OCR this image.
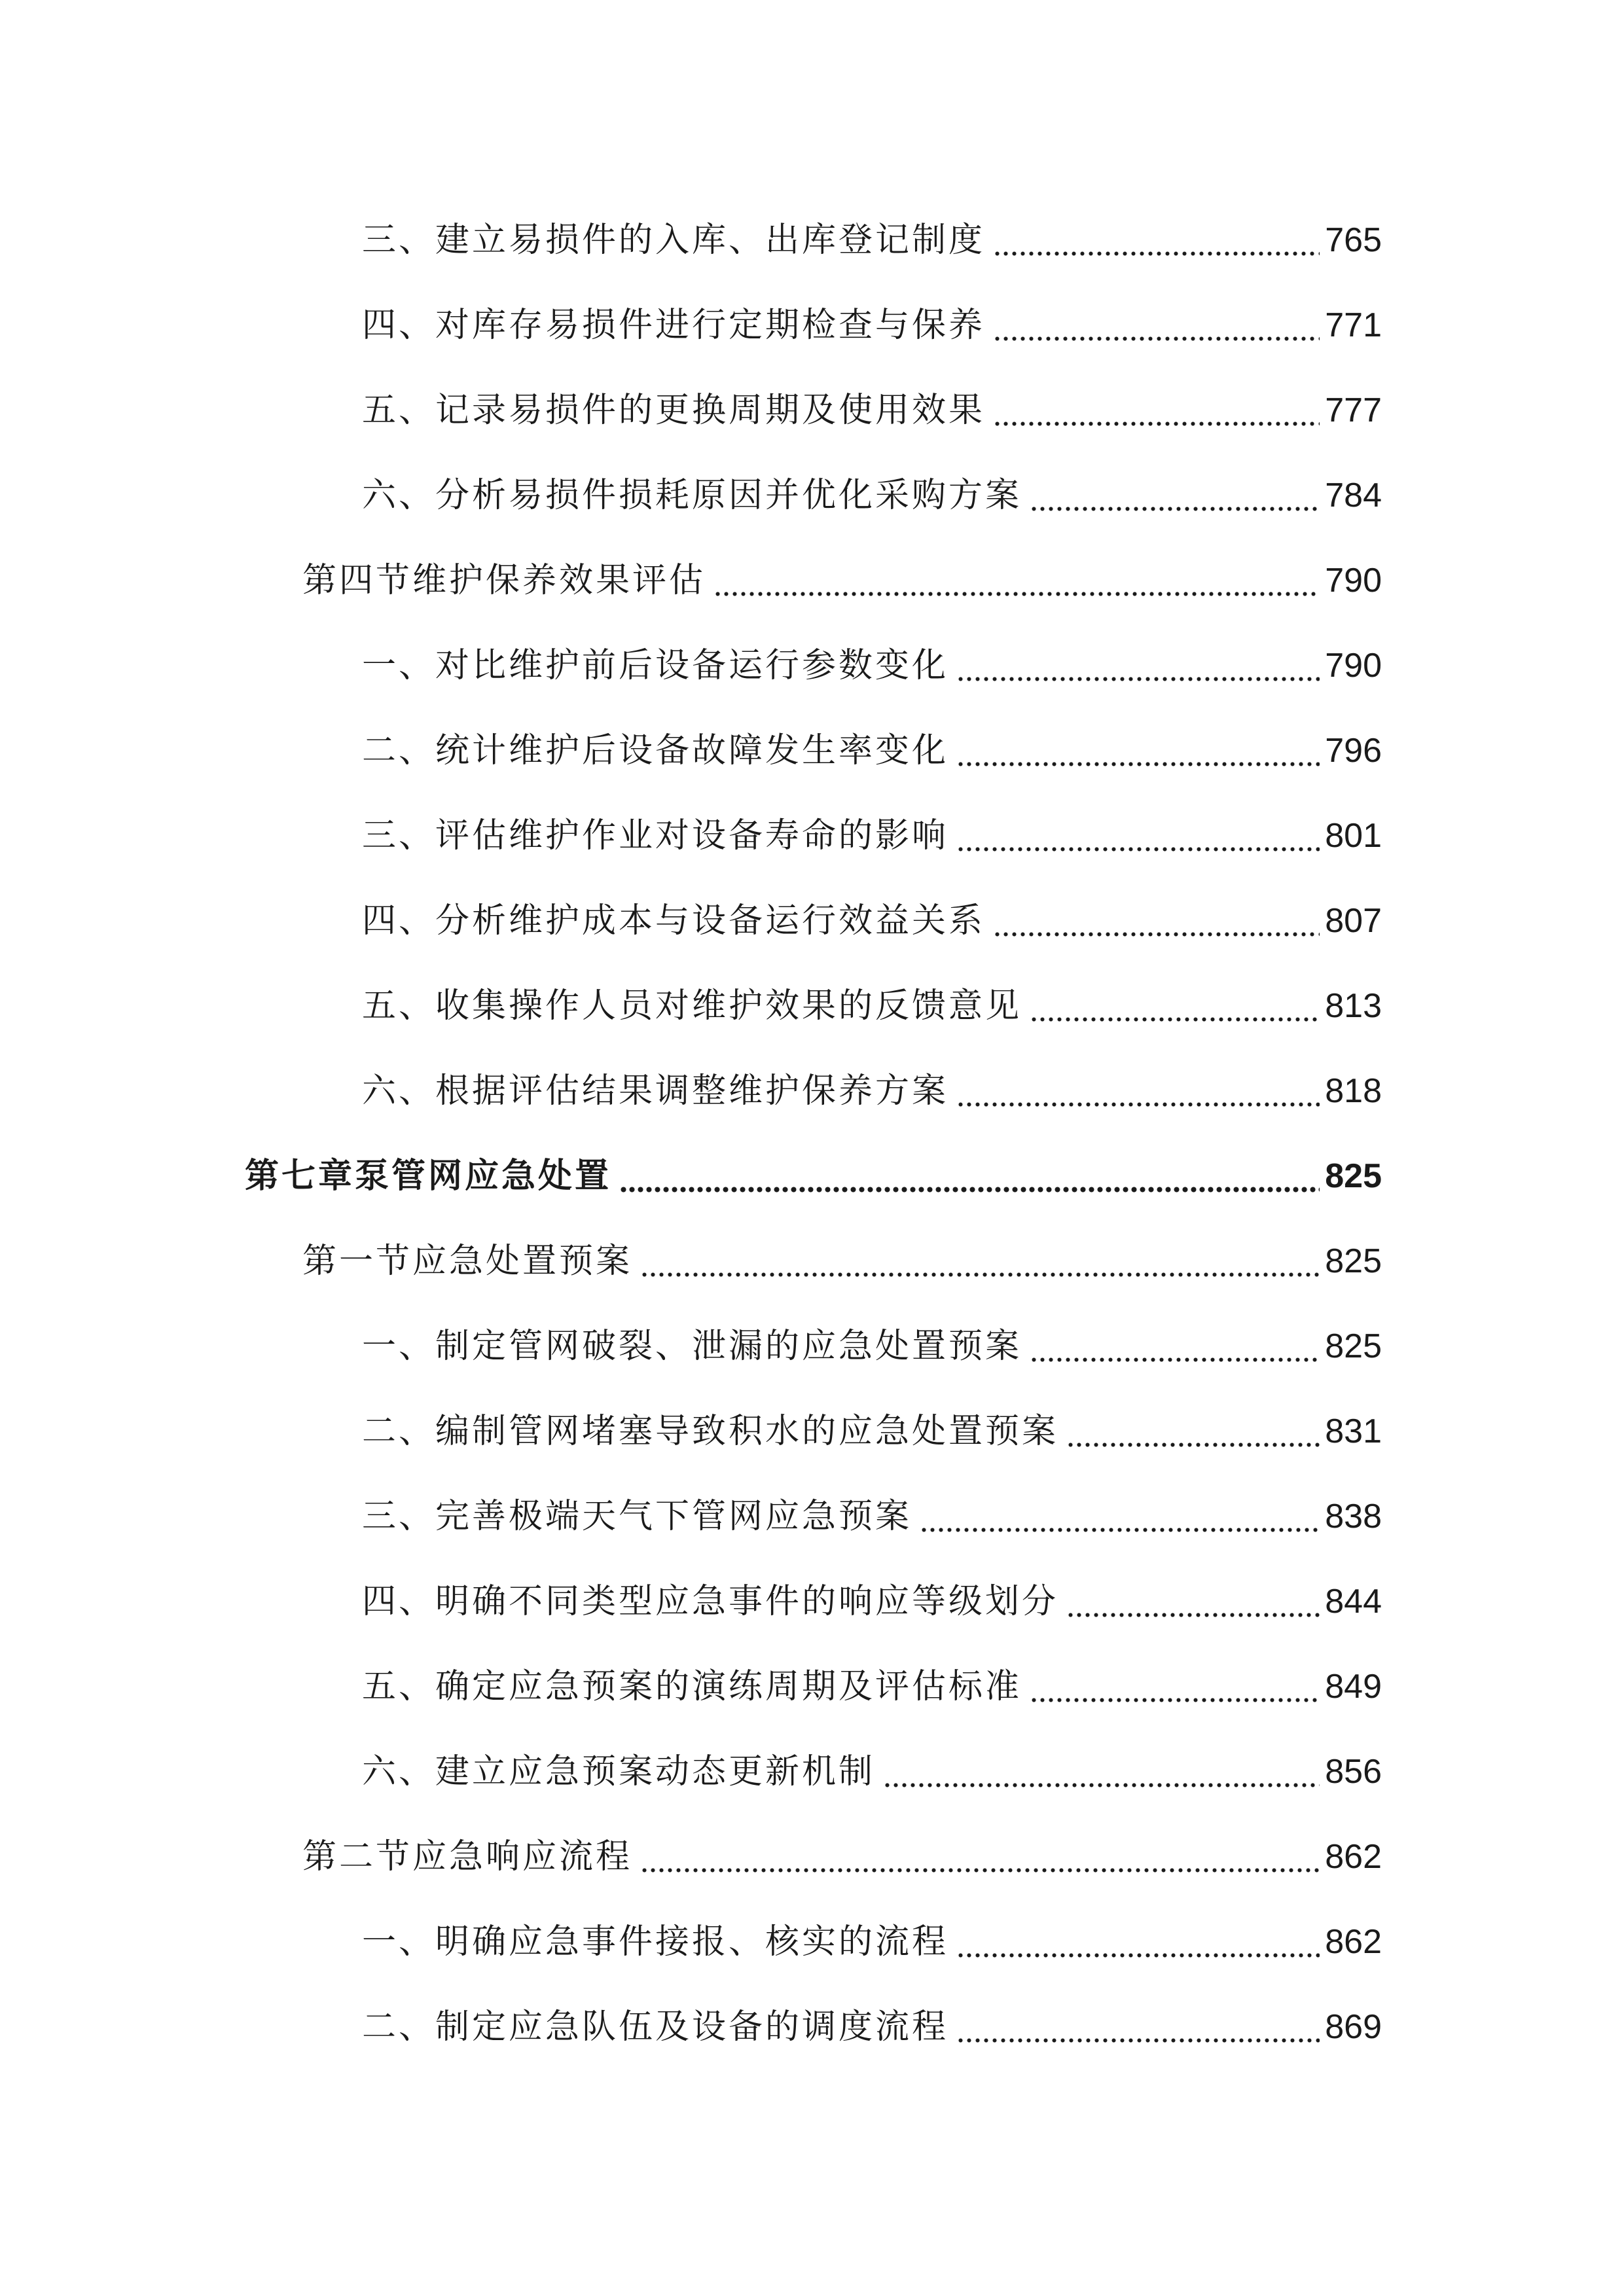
三、建立易损件的入库、出库登记制度	765
四、对库存易损件进行定期检查与保养	771
五、记录易损件的更换周期及使用效果	777
六、分析易损件损耗原因并优化采购方案	784
第四节维护保养效果评估	790
一、对比维护前后设备运行参数变化	790
二、统计维护后设备故障发生率变化	796
三、评估维护作业对设备寿命的影响	801
四、分析维护成本与设备运行效益关系	807
五、收集操作人员对维护效果的反馈意见	813
六、根据评估结果调整维护保养方案	818
第七章泵管网应急处置	825
第一节应急处置预案	825
一、制定管网破裂、泄漏的应急处置预案	825
二、编制管网堵塞导致积水的应急处置预案	831
三、完善极端天气下管网应急预案	838
四、明确不同类型应急事件的响应等级划分	844
五、确定应急预案的演练周期及评估标准	849
六、建立应急预案动态更新机制	856
第二节应急响应流程	862
一、明确应急事件接报、核实的流程	862
二、制定应急队伍及设备的调度流程	869
